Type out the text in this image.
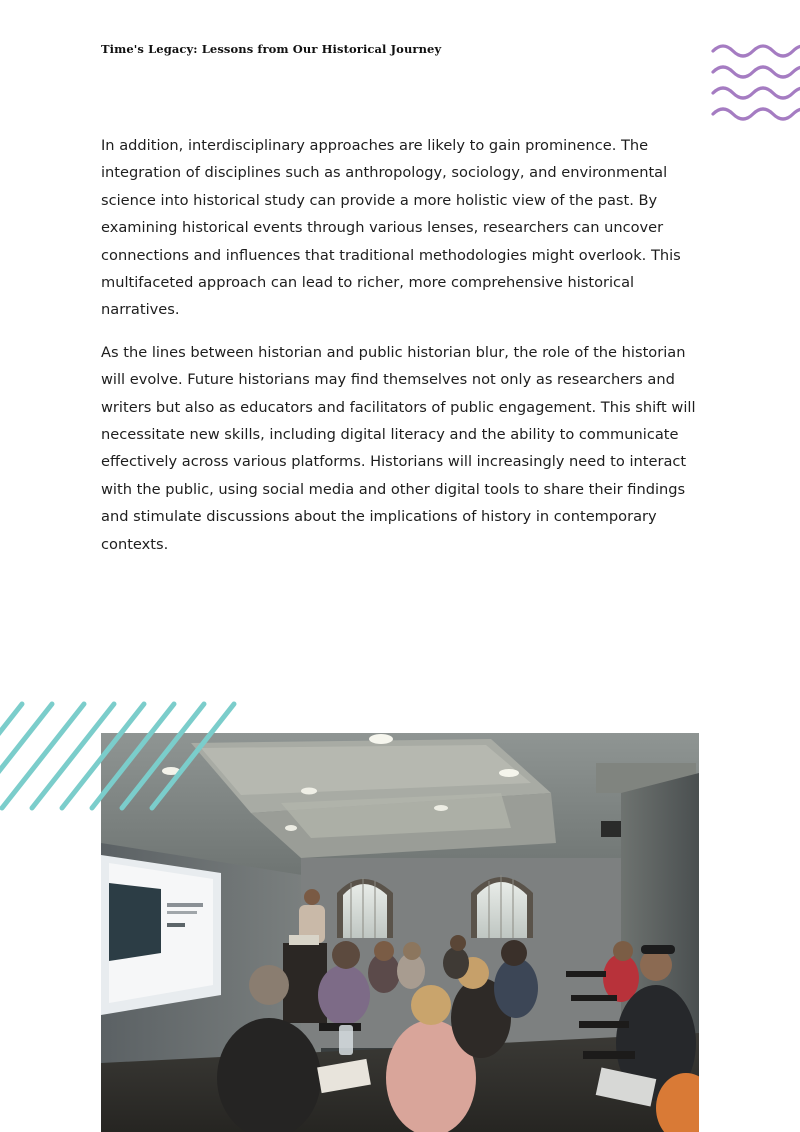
Time's Legacy: Lessons from Our Historical Journey

In addition, interdisciplinary approaches are likely to gain prominence. The integration of disciplines such as anthropology, sociology, and environmental science into historical study can provide a more holistic view of the past. By examining historical events through various lenses, researchers can uncover connections and influences that traditional methodologies might overlook. This multifaceted approach can lead to richer, more comprehensive historical narratives.

As the lines between historian and public historian blur, the role of the historian will evolve. Future historians may find themselves not only as researchers and writers but also as educators and facilitators of public engagement. This shift will necessitate new skills, including digital literacy and the ability to communicate effectively across various platforms. Historians will increasingly need to interact with the public, using social media and other digital tools to share their findings and stimulate discussions about the implications of history in contemporary contexts.
